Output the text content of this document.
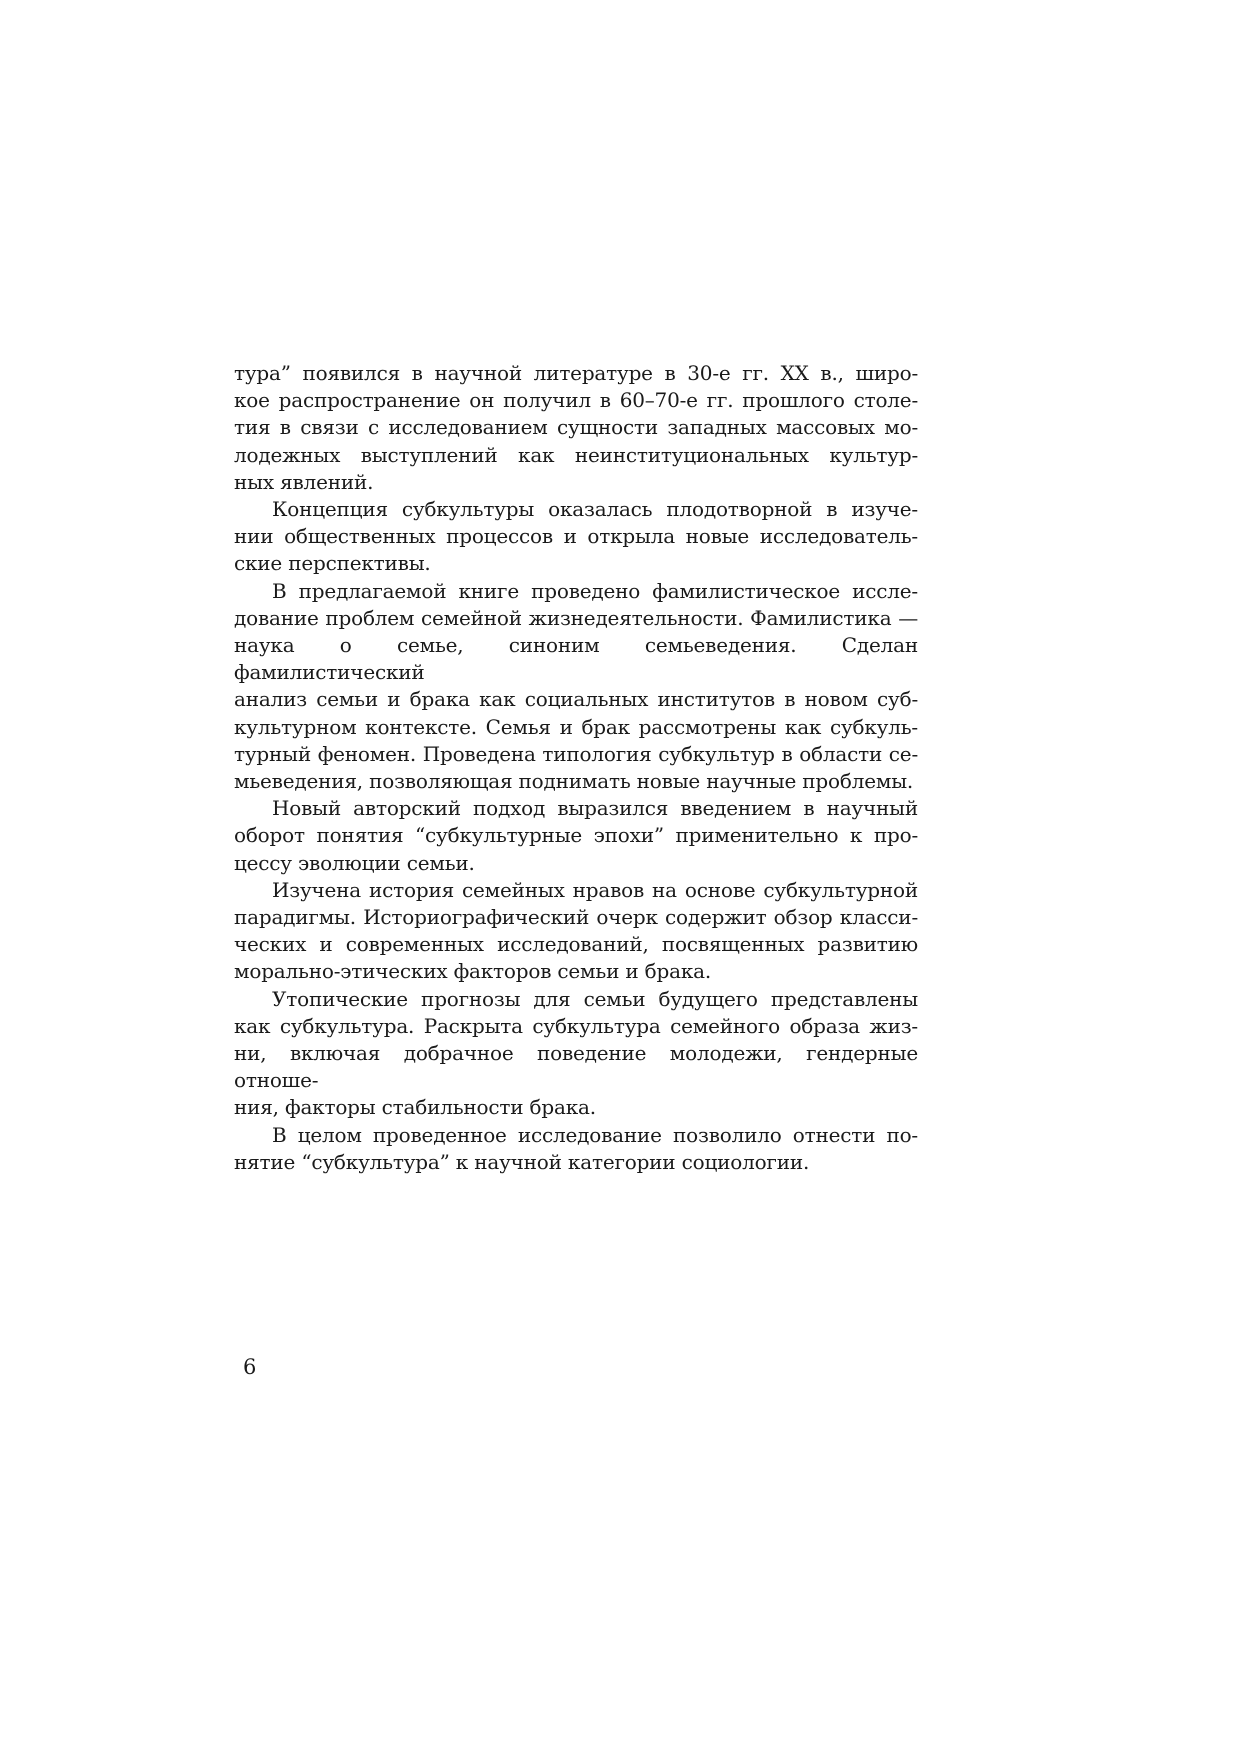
тура” появился в научной литературе в 30-е гг. XX в., широ-
кое распространение он получил в 60–70-е гг. прошлого столе-
тия в связи с исследованием сущности западных массовых мо-
лодежных выступлений как неинституциональных культур-
ных явлений.
Концепция субкультуры оказалась плодотворной в изуче-
нии общественных процессов и открыла новые исследователь-
ские перспективы.
В предлагаемой книге проведено фамилистическое иссле-
дование проблем семейной жизнедеятельности. Фамилистика —
наука о семье, синоним семьеведения. Сделан фамилистический
анализ семьи и брака как социальных институтов в новом суб-
культурном контексте. Семья и брак рассмотрены как субкуль-
турный феномен. Проведена типология субкультур в области се-
мьеведения, позволяющая поднимать новые научные проблемы.
Новый авторский подход выразился введением в научный
оборот понятия “субкультурные эпохи” применительно к про-
цессу эволюции семьи.
Изучена история семейных нравов на основе субкультурной
парадигмы. Историографический очерк содержит обзор класси-
ческих и современных исследований, посвященных развитию
морально-этических факторов семьи и брака.
Утопические прогнозы для семьи будущего представлены
как субкультура. Раскрыта субкультура семейного образа жиз-
ни, включая добрачное поведение молодежи, гендерные отноше-
ния, факторы стабильности брака.
В целом проведенное исследование позволило отнести по-
нятие “субкультура” к научной категории социологии.
6
